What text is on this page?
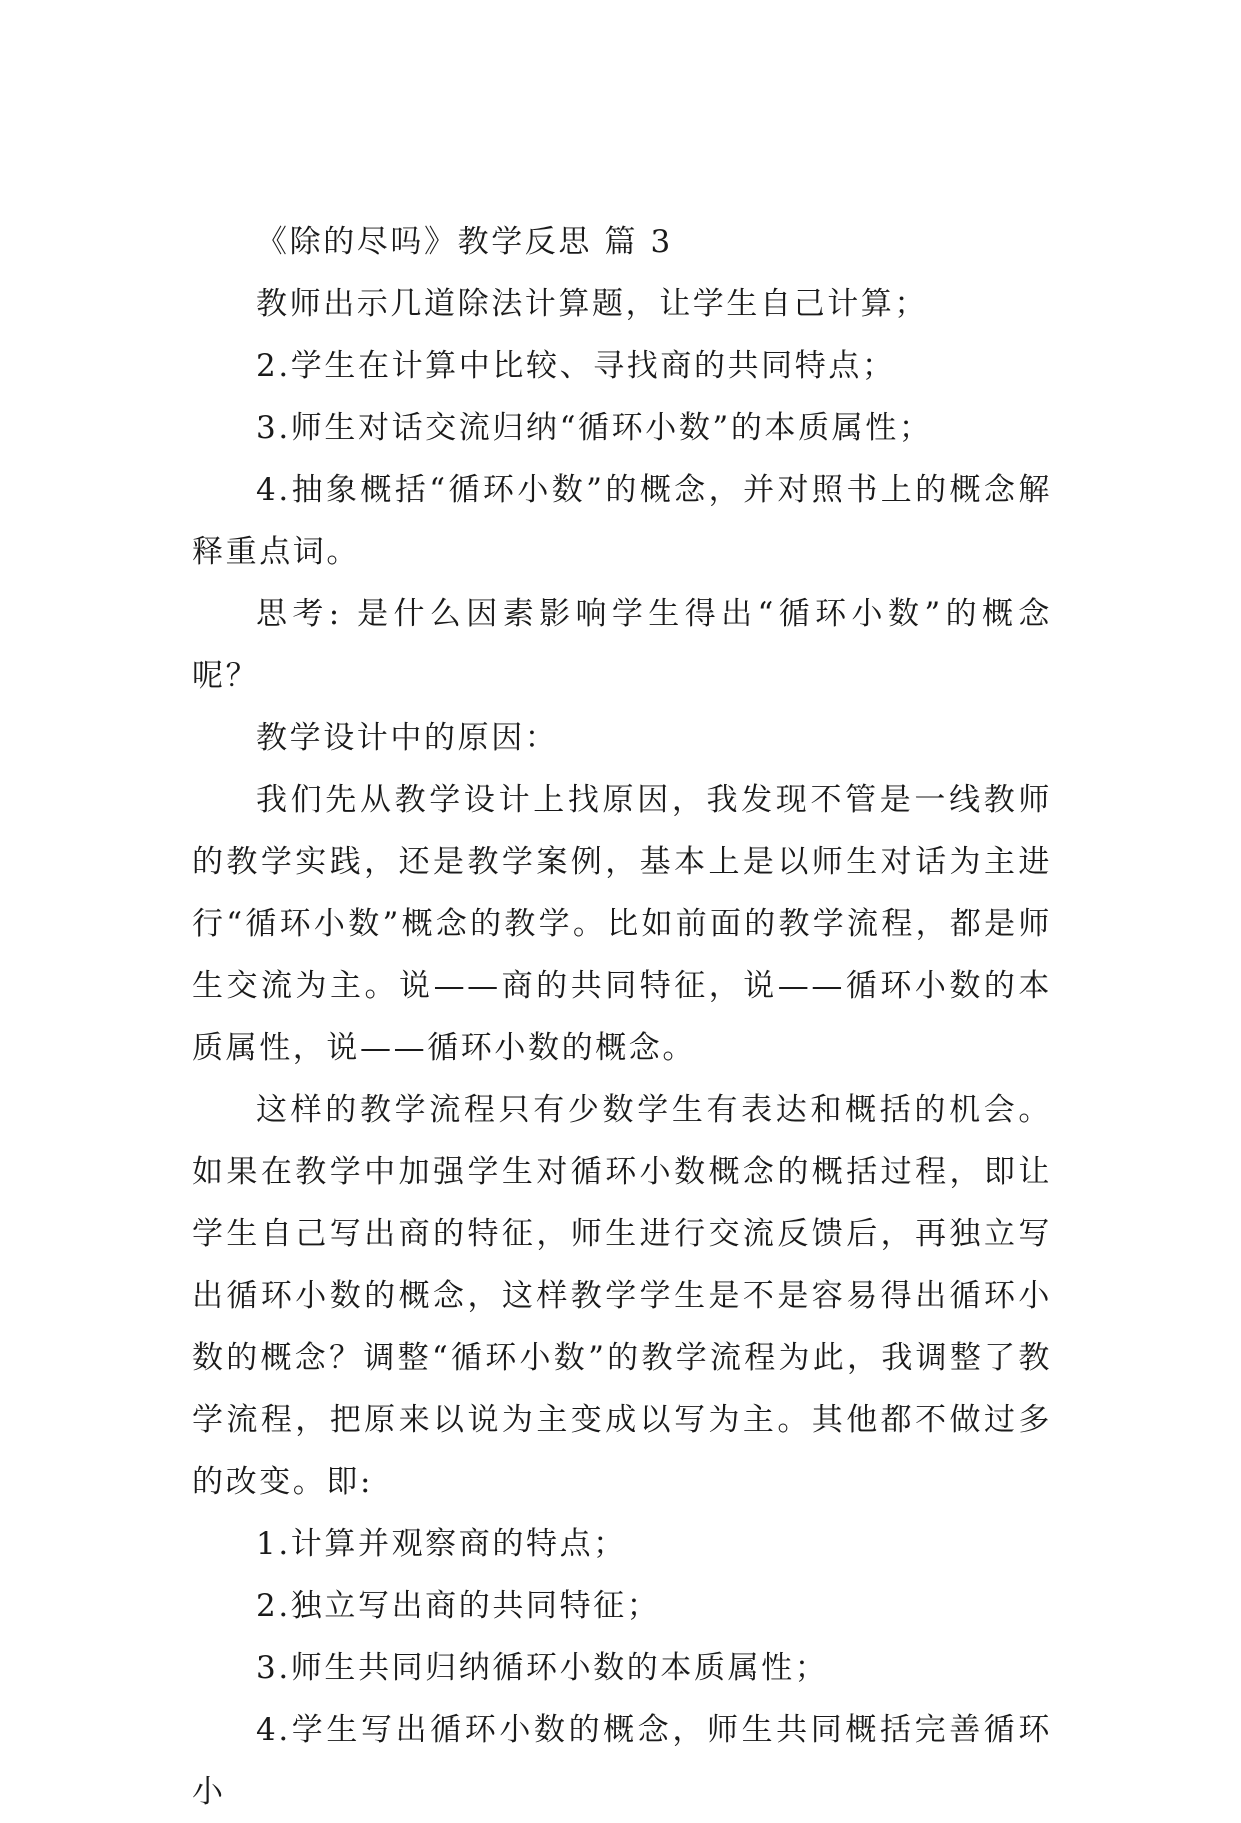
《除的尽吗》教学反思 篇 3

教师出示几道除法计算题，让学生自己计算；

2.学生在计算中比较、寻找商的共同特点；

3.师生对话交流归纳“循环小数”的本质属性；

4.抽象概括“循环小数”的概念，并对照书上的概念解释重点词。

思考: 是什么因素影响学生得出“循环小数”的概念呢？

教学设计中的原因：

我们先从教学设计上找原因，我发现不管是一线教师的教学实践，还是教学案例，基本上是以师生对话为主进行“循环小数”概念的教学。比如前面的教学流程，都是师生交流为主。说——商的共同特征，说——循环小数的本质属性，说——循环小数的概念。

这样的教学流程只有少数学生有表达和概括的机会。如果在教学中加强学生对循环小数概念的概括过程，即让学生自己写出商的特征，师生进行交流反馈后，再独立写出循环小数的概念，这样教学学生是不是容易得出循环小数的概念？调整“循环小数”的教学流程为此，我调整了教学流程，把原来以说为主变成以写为主。其他都不做过多的改变。即:

1.计算并观察商的特点；

2.独立写出商的共同特征；

3.师生共同归纳循环小数的本质属性；

4.学生写出循环小数的概念，师生共同概括完善循环小
